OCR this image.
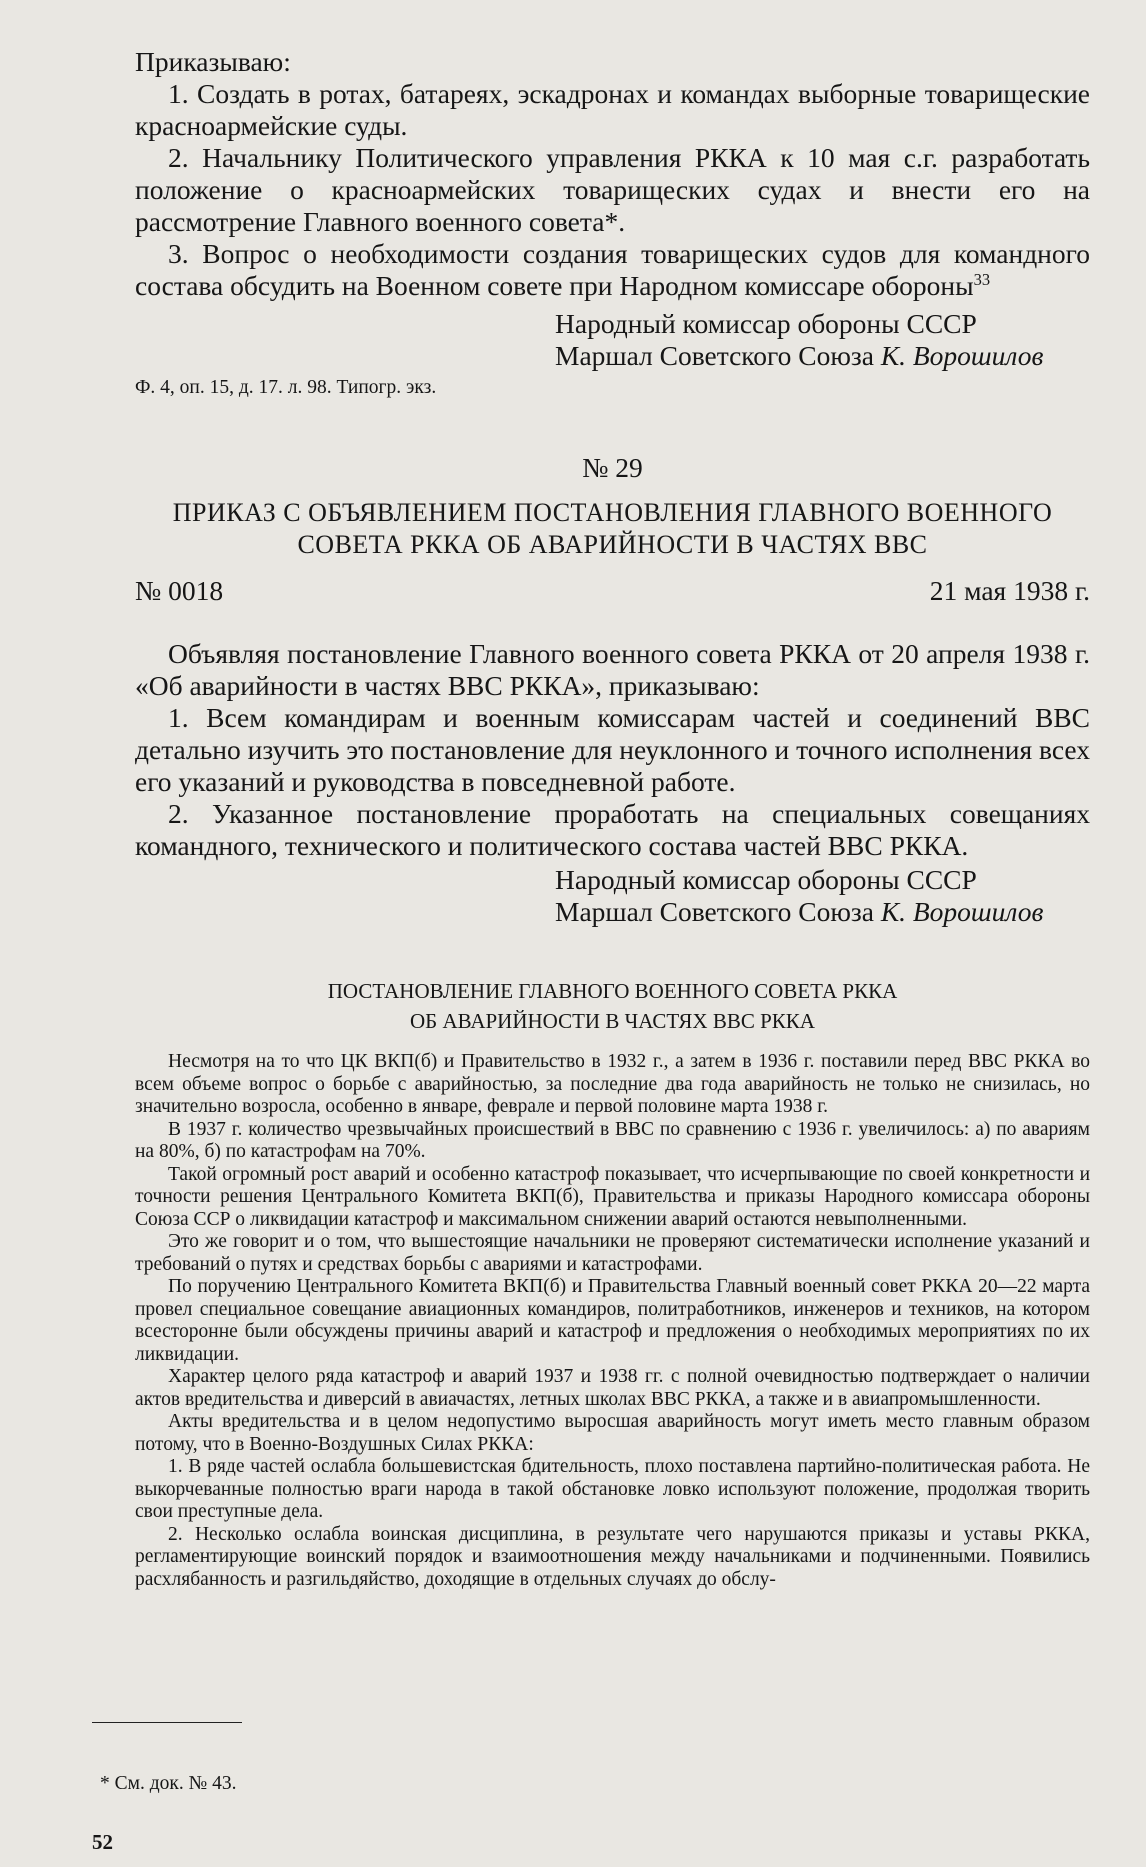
Приказываю:

1. Создать в ротах, батареях, эскадронах и командах выборные товарищеские красноармейские суды.

2. Начальнику Политического управления РККА к 10 мая с.г. разработать положение о красноармейских товарищеских судах и внести его на рассмотрение Главного военного совета*.

3. Вопрос о необходимости создания товарищеских судов для командного состава обсудить на Военном совете при Народном комиссаре обороны$^{33}$

Народный комиссар обороны СССР
Маршал Советского Союза К. Ворошилов
Ф. 4, оп. 15, д. 17. л. 98. Типогр. экз.
№ 29
ПРИКАЗ С ОБЪЯВЛЕНИЕМ ПОСТАНОВЛЕНИЯ ГЛАВНОГО ВОЕННОГО
СОВЕТА РККА ОБ АВАРИЙНОСТИ В ЧАСТЯХ ВВС
№ 0018	21 мая 1938 г.

Объявляя постановление Главного военного совета РККА от 20 апреля 1938 г. «Об аварийности в частях ВВС РККА», приказываю:

1. Всем командирам и военным комиссарам частей и соединений ВВС детально изучить это постановление для неуклонного и точного исполнения всех его указаний и руководства в повседневной работе.

2. Указанное постановление проработать на специальных совещаниях командного, технического и политического состава частей ВВС РККА.

Народный комиссар обороны СССР
Маршал Советского Союза К. Ворошилов
ПОСТАНОВЛЕНИЕ ГЛАВНОГО ВОЕННОГО СОВЕТА РККА
ОБ АВАРИЙНОСТИ В ЧАСТЯХ ВВС РККА

Несмотря на то что ЦК ВКП(б) и Правительство в 1932 г., а затем в 1936 г. поставили перед ВВС РККА во всем объеме вопрос о борьбе с аварийностью, за последние два года аварийность не только не снизилась, но значительно возросла, особенно в январе, феврале и первой половине марта 1938 г.

В 1937 г. количество чрезвычайных происшествий в ВВС по сравнению с 1936 г. увеличилось: а) по авариям на 80%, б) по катастрофам на 70%.

Такой огромный рост аварий и особенно катастроф показывает, что исчерпывающие по своей конкретности и точности решения Центрального Комитета ВКП(б), Правительства и приказы Народного комиссара обороны Союза ССР о ликвидации катастроф и максимальном снижении аварий остаются невыполненными.

Это же говорит и о том, что вышестоящие начальники не проверяют систематически исполнение указаний и требований о путях и средствах борьбы с авариями и катастрофами.

По поручению Центрального Комитета ВКП(б) и Правительства Главный военный совет РККА 20—22 марта провел специальное совещание авиационных командиров, политработников, инженеров и техников, на котором всесторонне были обсуждены причины аварий и катастроф и предложения о необходимых мероприятиях по их ликвидации.

Характер целого ряда катастроф и аварий 1937 и 1938 гг. с полной очевидностью подтверждает о наличии актов вредительства и диверсий в авиачастях, летных школах ВВС РККА, а также и в авиапромышленности.

Акты вредительства и в целом недопустимо выросшая аварийность могут иметь место главным образом потому, что в Военно-Воздушных Силах РККА:

1. В ряде частей ослабла большевистская бдительность, плохо поставлена партийно-политическая работа. Не выкорчеванные полностью враги народа в такой обстановке ловко используют положение, продолжая творить свои преступные дела.

2. Несколько ослабла воинская дисциплина, в результате чего нарушаются приказы и уставы РККА, регламентирующие воинский порядок и взаимоотношения между начальниками и подчиненными. Появились расхлябанность и разгильдяйство, доходящие в отдельных случаях до обслу-

* См. док. № 43.
52
